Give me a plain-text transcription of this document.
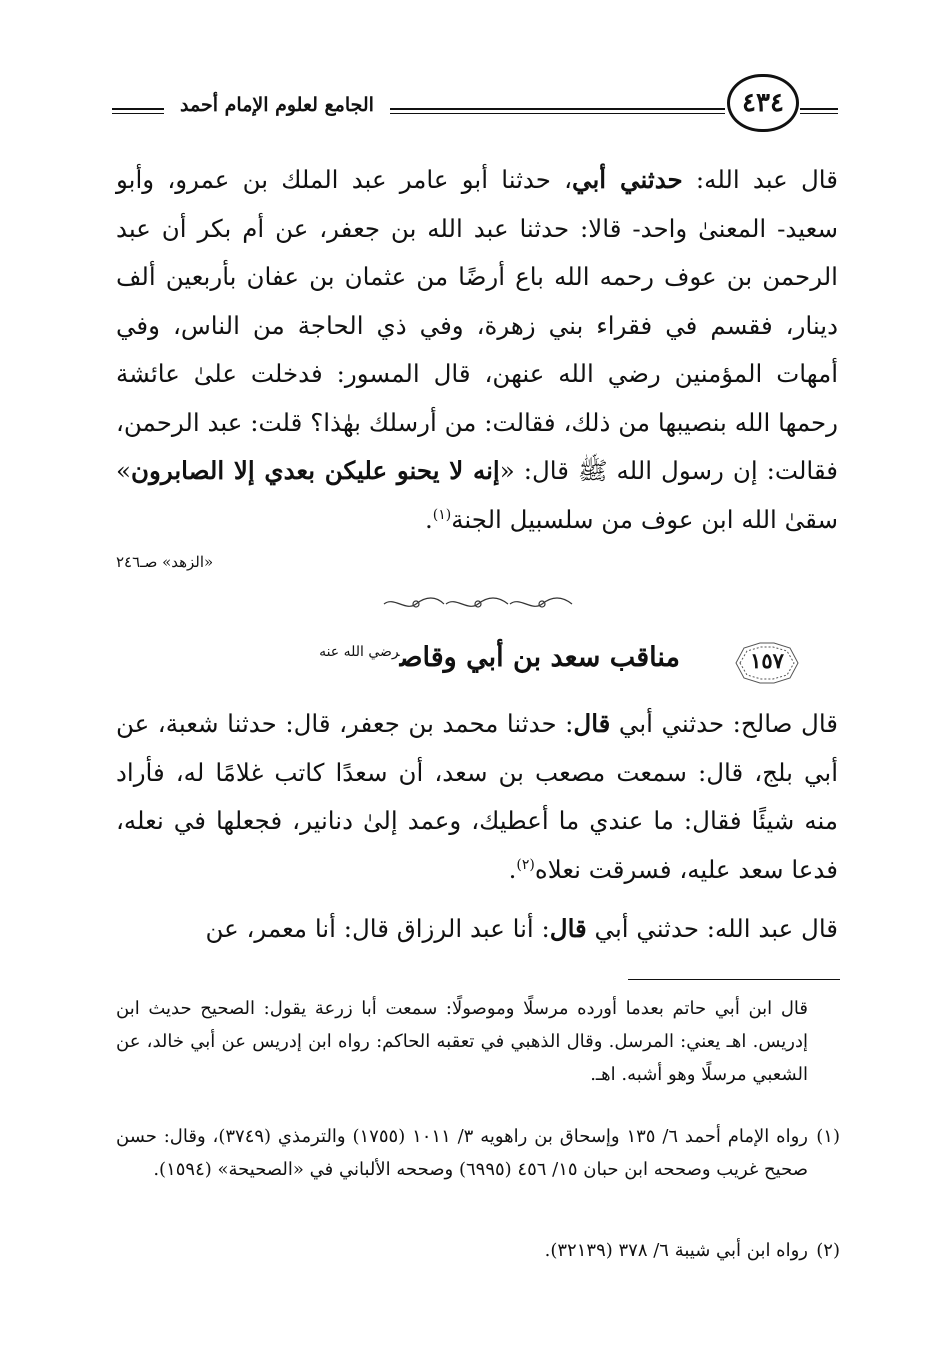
الجامع لعلوم الإمام أحمد	٤٣٤
قال عبد الله: حدثني أبي، حدثنا أبو عامر عبد الملك بن عمرو، وأبو سعيد- المعنىٰ واحد- قالا: حدثنا عبد الله بن جعفر، عن أم بكر أن عبد الرحمن بن عوف رحمه الله باع أرضًا من عثمان بن عفان بأربعين ألف دينار، فقسم في فقراء بني زهرة، وفي ذي الحاجة من الناس، وفي أمهات المؤمنين رضي الله عنهن، قال المسور: فدخلت علىٰ عائشة رحمها الله بنصيبها من ذلك، فقالت: من أرسلك بهٰذا؟ قلت: عبد الرحمن، فقالت: إن رسول الله ﷺ قال: «إنه لا يحنو عليكن بعدي إلا الصابرون» سقىٰ الله ابن عوف من سلسبيل الجنة$^{(١)}$.
«الزهد» صـ٢٤٦
١٥٧
مناقب سعد بن أبي وقاص$^{رضي الله عنه}$
قال صالح: حدثني أبي قال: حدثنا محمد بن جعفر، قال: حدثنا شعبة، عن أبي بلج، قال: سمعت مصعب بن سعد، أن سعدًا كاتب غلامًا له، فأراد منه شيئًا فقال: ما عندي ما أعطيك، وعمد إلىٰ دنانير، فجعلها في نعله، فدعا سعد عليه، فسرقت نعلاه$^{(٢)}$.
قال عبد الله: حدثني أبي قال: أنا عبد الرزاق قال: أنا معمر، عن
قال ابن أبي حاتم بعدما أورده مرسلًا وموصولًا: سمعت أبا زرعة يقول: الصحيح حديث ابن إدريس. اهـ يعني: المرسل. وقال الذهبي في تعقبه الحاكم: رواه ابن إدريس عن أبي خالد، عن الشعبي مرسلًا وهو أشبه. اهـ.
(١)
رواه الإمام أحمد ٦/ ١٣٥ وإسحاق بن راهويه ٣/ ١٠١١ (١٧٥٥) والترمذي (٣٧٤٩)، وقال: حسن صحيح غريب وصححه ابن حبان ١٥/ ٤٥٦ (٦٩٩٥) وصححه الألباني في «الصحيحة» (١٥٩٤).
(٢)
رواه ابن أبي شيبة ٦/ ٣٧٨ (٣٢١٣٩).
